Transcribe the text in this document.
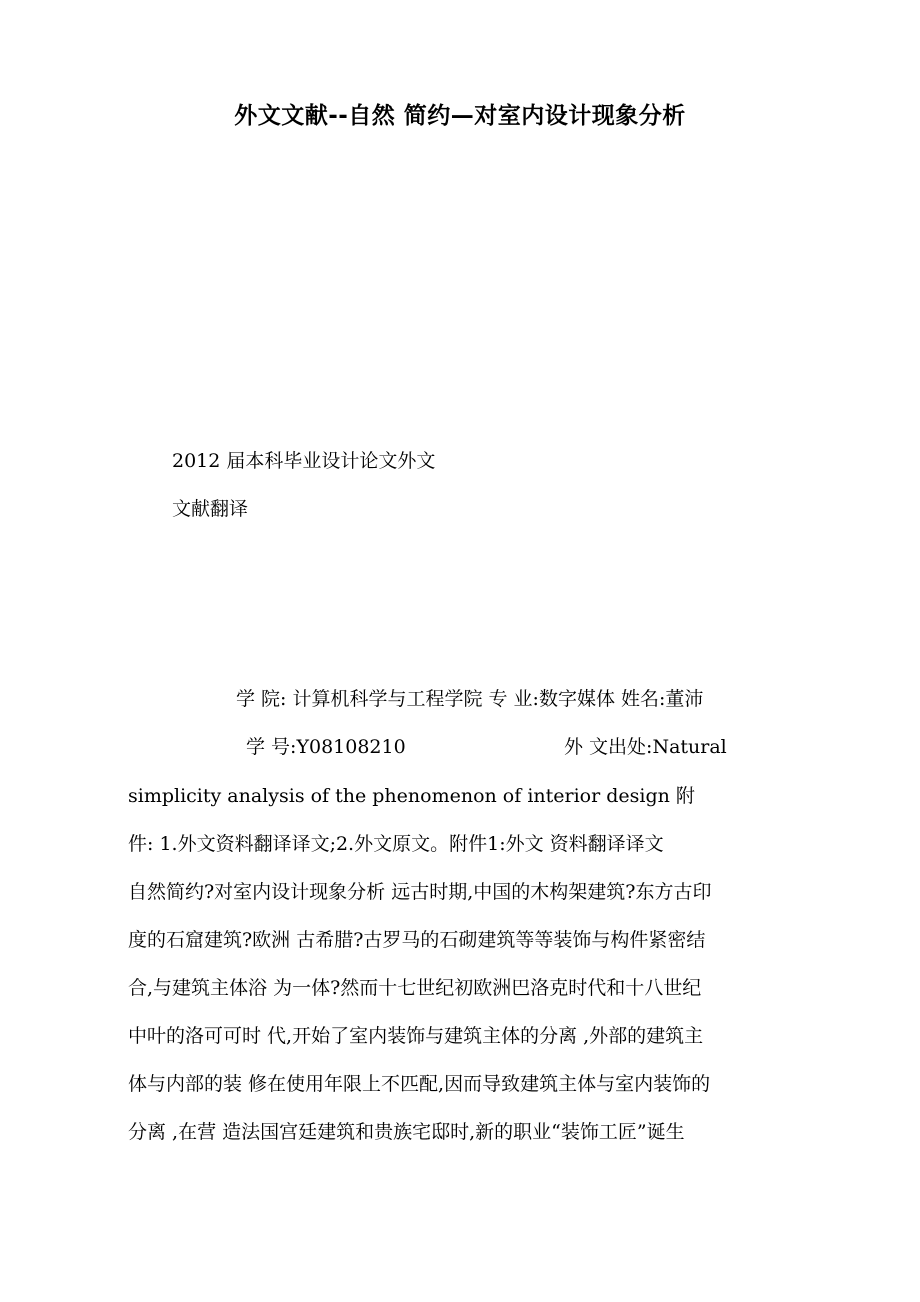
外文文献--自然 简约—对室内设计现象分析
2012 届本科毕业设计论文外文
文献翻译
学 院: 计算机科学与工程学院 专 业:数字媒体 姓名:董沛
学 号:Y08108210	外 文出处:Natural
simplicity analysis of the phenomenon of interior design 附
件: 1.外文资料翻译译文;2.外文原文。附件1:外文 资料翻译译文
自然简约?对室内设计现象分析 远古时期,中国的木构架建筑?东方古印
度的石窟建筑?欧洲 古希腊?古罗马的石砌建筑等等装饰与构件紧密结
合,与建筑主体浴 为一体?然而十七世纪初欧洲巴洛克时代和十八世纪
中叶的洛可可时 代,开始了室内装饰与建筑主体的分离 ,外部的建筑主
体与内部的装 修在使用年限上不匹配,因而导致建筑主体与室内装饰的
分离 ,在营 造法国宫廷建筑和贵族宅邸时,新的职业“装饰工匠”诞生
